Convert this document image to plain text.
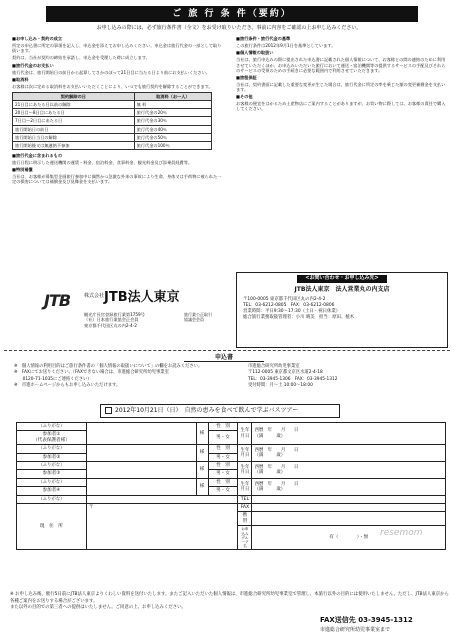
ご 旅 行 条 件（要約）
お申し込みの際には、必ず旅行条件書（全文）をお受け取りいただき、事前に内容をご確認の上お申し込みください。

■お申し込み・契約の成立

所定の申込書に所定の事項を記入し、申込金を添えてお申し込みください。申込金は旅行代金の一部として取り扱います。

契約は、当社が契約の締結を承諾し、申込金を受理した時に成立します。

■旅行代金のお支払い

旅行代金は、旅行開始日の前日から起算してさかのぼって21日目に当たる日より前にお支払いください。

■取消料

お客様は次に定める取消料をお支払いいただくことにより、いつでも旅行契約を解除することができます。

契約解除の日	取消料（お一人）
21日目にあたる日以前の解除	無 料
20日目〜8日目にあたる日	旅行代金の20％
7日目〜2日目にあたる日	旅行代金の30％
旅行開始日の前日	旅行代金の40％
旅行開始日当日の解除	旅行代金の50％
旅行開始後又は無連絡不参加	旅行代金の100％

■旅行代金に含まれるもの

旅行日程に明示した運送機関の運賃・料金、宿泊料金、食事料金、観光料金及び添乗員経費等。

■特別補償

当社は、お客様が募集型企画旅行参加中に偶然かつ急激な外来の事故により生命、身体又は手荷物に被られた一定の損害については補償金及び見舞金を支払います。

■旅行条件・旅行代金の基準

この旅行条件は2012年9月1日を基準としています。

■個人情報の取扱い

当社は、旅行申込みの際に提出された申込書に記載された個人情報について、お客様との間の連絡のために利用させていただくほか、お申込みいただいた旅行において運送・宿泊機関等の提供するサービスの手配及びそれらのサービスの受領のための手続きに必要な範囲内で利用させていただきます。

■旅程保証

当社は、契約書面に記載した重要な変更が生じた場合は、旅行代金に所定の率を乗じた額の変更補償金を支払います。

■その他

お客様の便宜をはかるため土産物店にご案内することがありますが、お買い物に際しては、お客様の責任で購入してください。

JTB	株式会社 JTB法人東京
観光庁長官登録旅行業第1759号
（社）日本旅行業協会正会員
東京都千代田区丸の内2-4-2
旅行業公正取引
協議会会員
<お問い合わせ・お申し込み先>
JTB法人東京　法人営業丸の内支店
〒100-0005 東京都千代田区丸の内2-4-2
TEL：03-6212-0805　FAX：03-6212-0806
営業時間：平日9:30〜17:30（土日・祝日休業）
総合旅行業務取扱管理者：小川 晴美　担当：原田、植木
申込書
※　個人情報の利用目的はご旅行条件書の「個人情報の取扱いについて」の欄をお読みください。
※　FAXにてお送りください。（FAXできない場合は、市進総合研究所幼児事業室
　　0120-71-1035にご連絡ください）
※　市進ホームページからもお申し込みいただけます。
市進総合研究所幼児事業室
〒112-0005 東京都文京区水道2-4-18
TEL：03-3945-1306　FAX：03-3945-1312
受付時間：月〜土 10:00〜18:00
2012年10月21日（日）　自然の恵みを食べて飲んで学ぶバスツアー
（ふりがな）		様	性　別	生年月日	西暦　 年　　月　　日
（満　　　歳）
参加者①
（代表保護者様）			男・女		
（ふりがな）		様	性　別	生年月日	西暦　 年　　月　　日
（満　　　歳）
参加者②			男・女		
（ふりがな）		様	性　別	生年月日	西暦　 年　　月　　日
（満　　　歳）
参加者③			男・女		
（ふりがな）		様	性　別	生年月日	西暦　 年　　月　　日
（満　　　歳）
参加者④			男・女		
（ふりがな）				TEL	
現　住　所	〒			FAX	
				携帯	
				お申込みグループ名	有（　　　　）・無 resemom
※ お申し込み後、催行5日前にJTB法人東京よりくわしい資料を送付いたします。またご記入いただいた個人情報は、市進総合研究所幼児事業室で管理し、本旅行以外の目的には使用いたしません。ただし、JTB法人東京から各種ご案内をお送りする場合がございます。
また以外の目的での第三者への提供はいたしません。ご同意の上、お申し込みください。
FAX送信先 03-3945-1312
市進総合研究所幼児事業室まで
